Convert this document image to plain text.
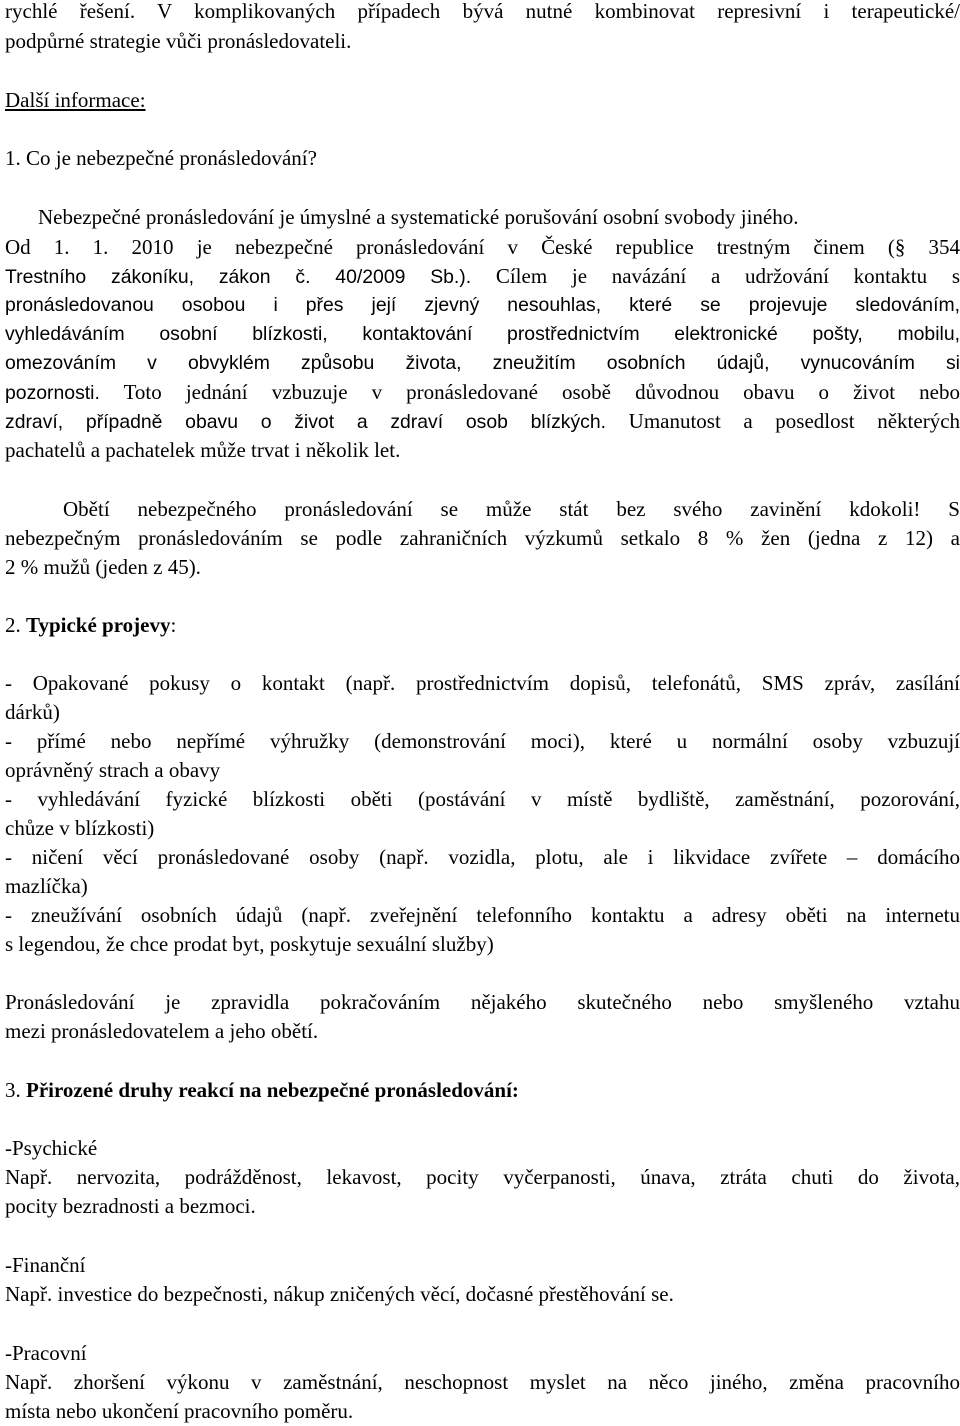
rychlé řešení. V komplikovaných případech bývá nutné kombinovat represivní i terapeutické/
podpůrné strategie vůči pronásledovateli.
Další informace:
1. Co je nebezpečné pronásledování?
Nebezpečné pronásledování je úmyslné a systematické porušování osobní svobody jiného.
Od 1. 1. 2010 je nebezpečné pronásledování v České republice trestným činem (§ 354
Trestního zákoníku, zákon č. 40/2009 Sb.). Cílem je navázání a udržování kontaktu s
pronásledovanou osobou i přes její zjevný nesouhlas, které se projevuje sledováním,
vyhledáváním osobní blízkosti, kontaktování prostřednictvím elektronické pošty, mobilu,
omezováním v obvyklém způsobu života, zneužitím osobních údajů, vynucováním si
pozornosti. Toto jednání vzbuzuje v pronásledované osobě důvodnou obavu o život nebo
zdraví, případně obavu o život a zdraví osob blízkých. Umanutost a posedlost některých
pachatelů a pachatelek může trvat i několik let.
Obětí nebezpečného pronásledování se může stát bez svého zavinění kdokoli! S
nebezpečným pronásledováním se podle zahraničních výzkumů setkalo 8 % žen (jedna z 12) a
2 % mužů (jeden z 45).
2. Typické projevy:
- Opakované pokusy o kontakt (např. prostřednictvím dopisů, telefonátů, SMS zpráv, zasílání
dárků)
- přímé nebo nepřímé výhružky (demonstrování moci), které u normální osoby vzbuzují
oprávněný strach a obavy
- vyhledávání fyzické blízkosti oběti (postávání v místě bydliště, zaměstnání, pozorování,
chůze v blízkosti)
- ničení věcí pronásledované osoby (např. vozidla, plotu, ale i likvidace zvířete – domácího
mazlíčka)
- zneužívání osobních údajů (např. zveřejnění telefonního kontaktu a adresy oběti na internetu
s legendou, že chce prodat byt, poskytuje sexuální služby)
Pronásledování je zpravidla pokračováním nějakého skutečného nebo smyšleného vztahu
mezi pronásledovatelem a jeho obětí.
3. Přirozené druhy reakcí na nebezpečné pronásledování:
-Psychické
Např. nervozita, podrážděnost, lekavost, pocity vyčerpanosti, únava, ztráta chuti do života,
pocity bezradnosti a bezmoci.
-Finanční
Např. investice do bezpečnosti, nákup zničených věcí, dočasné přestěhování se.
-Pracovní
Např. zhoršení výkonu v zaměstnání, neschopnost myslet na něco jiného, změna pracovního
místa nebo ukončení pracovního poměru.
